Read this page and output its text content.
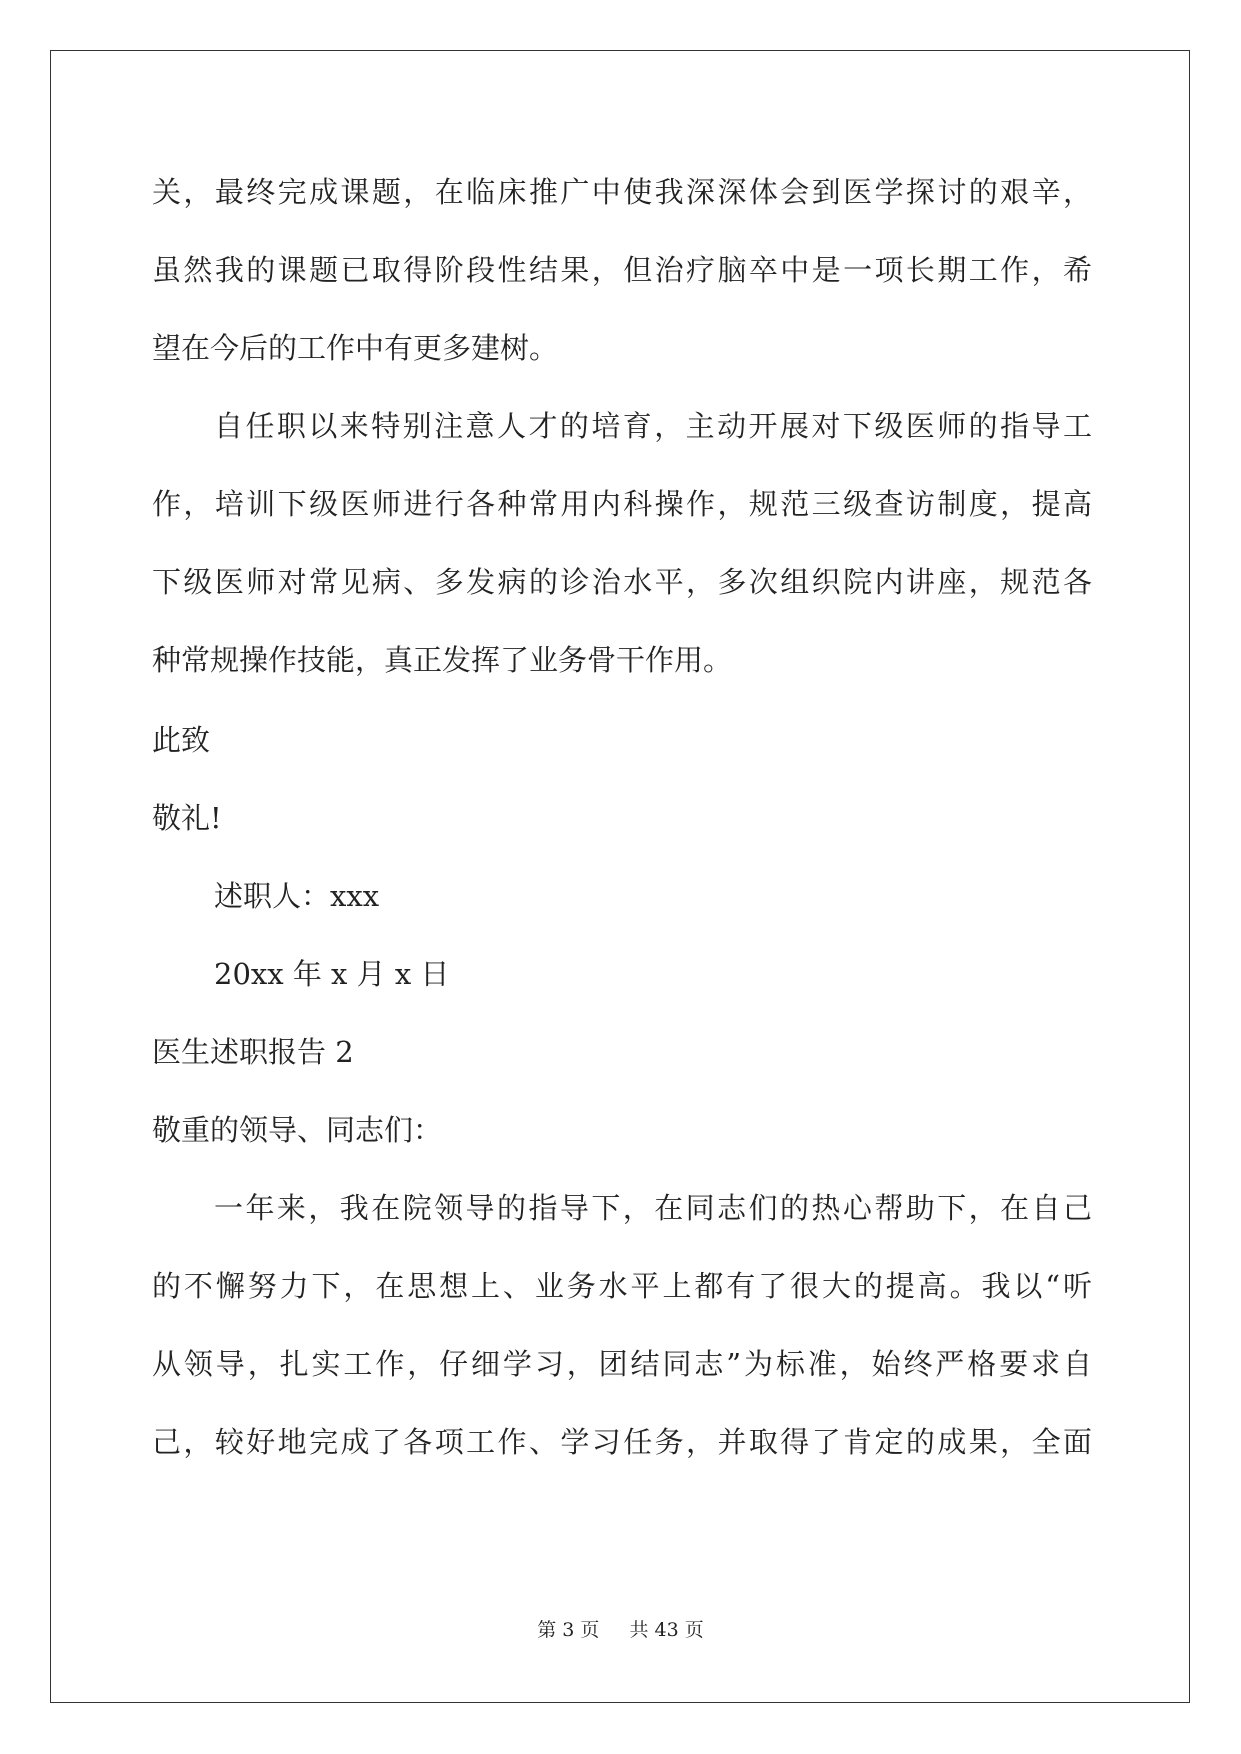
关，最终完成课题，在临床推广中使我深深体会到医学探讨的艰辛，
虽然我的课题已取得阶段性结果，但治疗脑卒中是一项长期工作，希
望在今后的工作中有更多建树。
自任职以来特别注意人才的培育，主动开展对下级医师的指导工
作，培训下级医师进行各种常用内科操作，规范三级查访制度，提高
下级医师对常见病、多发病的诊治水平，多次组织院内讲座，规范各
种常规操作技能，真正发挥了业务骨干作用。
此致
敬礼!
述职人：xxx
20xx 年 x 月 x 日
医生述职报告 2
敬重的领导、同志们：
一年来，我在院领导的指导下，在同志们的热心帮助下，在自己
的不懈努力下，在思想上、业务水平上都有了很大的提高。我以“听
从领导，扎实工作，仔细学习，团结同志”为标准，始终严格要求自
己，较好地完成了各项工作、学习任务，并取得了肯定的成果，全面
第 3 页 共 43 页
